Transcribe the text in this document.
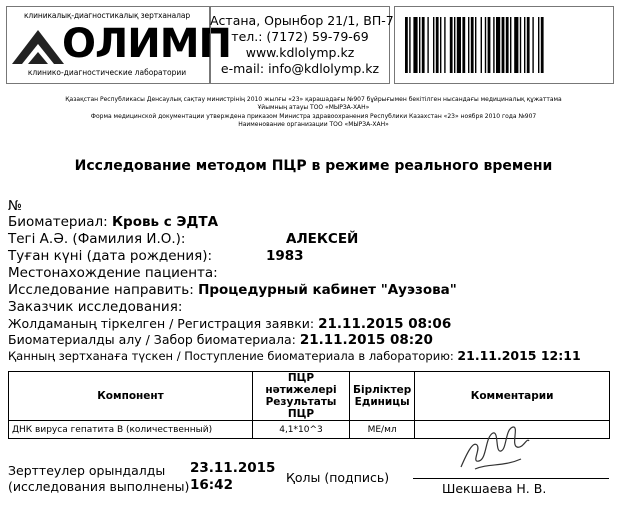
клиникалық-диагностикалық зертханалар
ОЛИМП
клинико-диагностические лаборатории
Астана, Орынбор 21/1, ВП-7
тел.: (7172) 59-79-69
www.kdlolymp.kz
e-mail: info@kdlolymp.kz
Қазақстан Республикасы Денсаулық сақтау министрінің 2010 жылғы «23» қарашадағы №907 бұйрығымен бекітілген нысандағы медициналық құжаттама
Ұйымның атауы ТОО «МЫРЗА-ХАН»
Форма медицинской документации утверждена приказом Министра здравоохранения Республики Казахстан «23» ноября 2010 года №907
Наименование организации ТОО «МЫРЗА-ХАН»
Исследование методом ПЦР в режиме реального времени
№
Биоматериал: Кровь с ЭДТА
Тегі А.Ә. (Фамилия И.О.):	АЛЕКСЕЙ
Туған күні (дата рождения):	1983
Местонахождение пациента:
Исследование направить: Процедурный кабинет "Ауэзова"
Заказчик исследования:
Жолдаманың тіркелген / Регистрация заявки: 21.11.2015 08:06
Биоматериалды алу / Забор биоматериала: 21.11.2015 08:20
Қанның зертханаға түскен / Поступление биоматериала в лабораторию: 21.11.2015 12:11
Компонент	ПЦР нәтижелері Результаты ПЦР	Бірліктер Единицы	Комментарии
ДНК вируса гепатита В (количественный)	4,1*10^3	МЕ/мл	
Зерттеулер орындалды
(исследования выполнены)
23.11.2015
16:42	Қолы (подпись)
Шекшаева Н. В.
